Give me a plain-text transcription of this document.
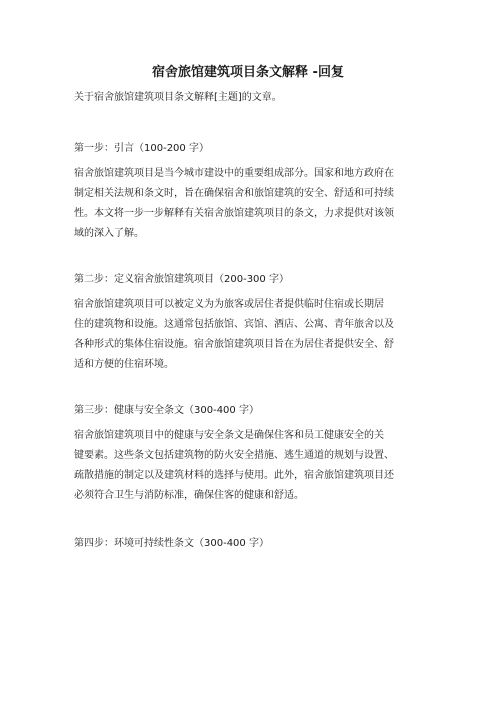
宿舍旅馆建筑项目条文解释 -回复
关于宿舍旅馆建筑项目条文解释[主题]的文章。
第一步：引言（100-200 字）
宿舍旅馆建筑项目是当今城市建设中的重要组成部分。国家和地方政府在
制定相关法规和条文时，旨在确保宿舍和旅馆建筑的安全、舒适和可持续
性。本文将一步一步解释有关宿舍旅馆建筑项目的条文，力求提供对该领
域的深入了解。
第二步：定义宿舍旅馆建筑项目（200-300 字）
宿舍旅馆建筑项目可以被定义为为旅客或居住者提供临时住宿或长期居
住的建筑物和设施。这通常包括旅馆、宾馆、酒店、公寓、青年旅舍以及
各种形式的集体住宿设施。宿舍旅馆建筑项目旨在为居住者提供安全、舒
适和方便的住宿环境。
第三步：健康与安全条文（300-400 字）
宿舍旅馆建筑项目中的健康与安全条文是确保住客和员工健康安全的关
键要素。这些条文包括建筑物的防火安全措施、逃生通道的规划与设置、
疏散措施的制定以及建筑材料的选择与使用。此外，宿舍旅馆建筑项目还
必须符合卫生与消防标准，确保住客的健康和舒适。
第四步：环境可持续性条文（300-400 字）
